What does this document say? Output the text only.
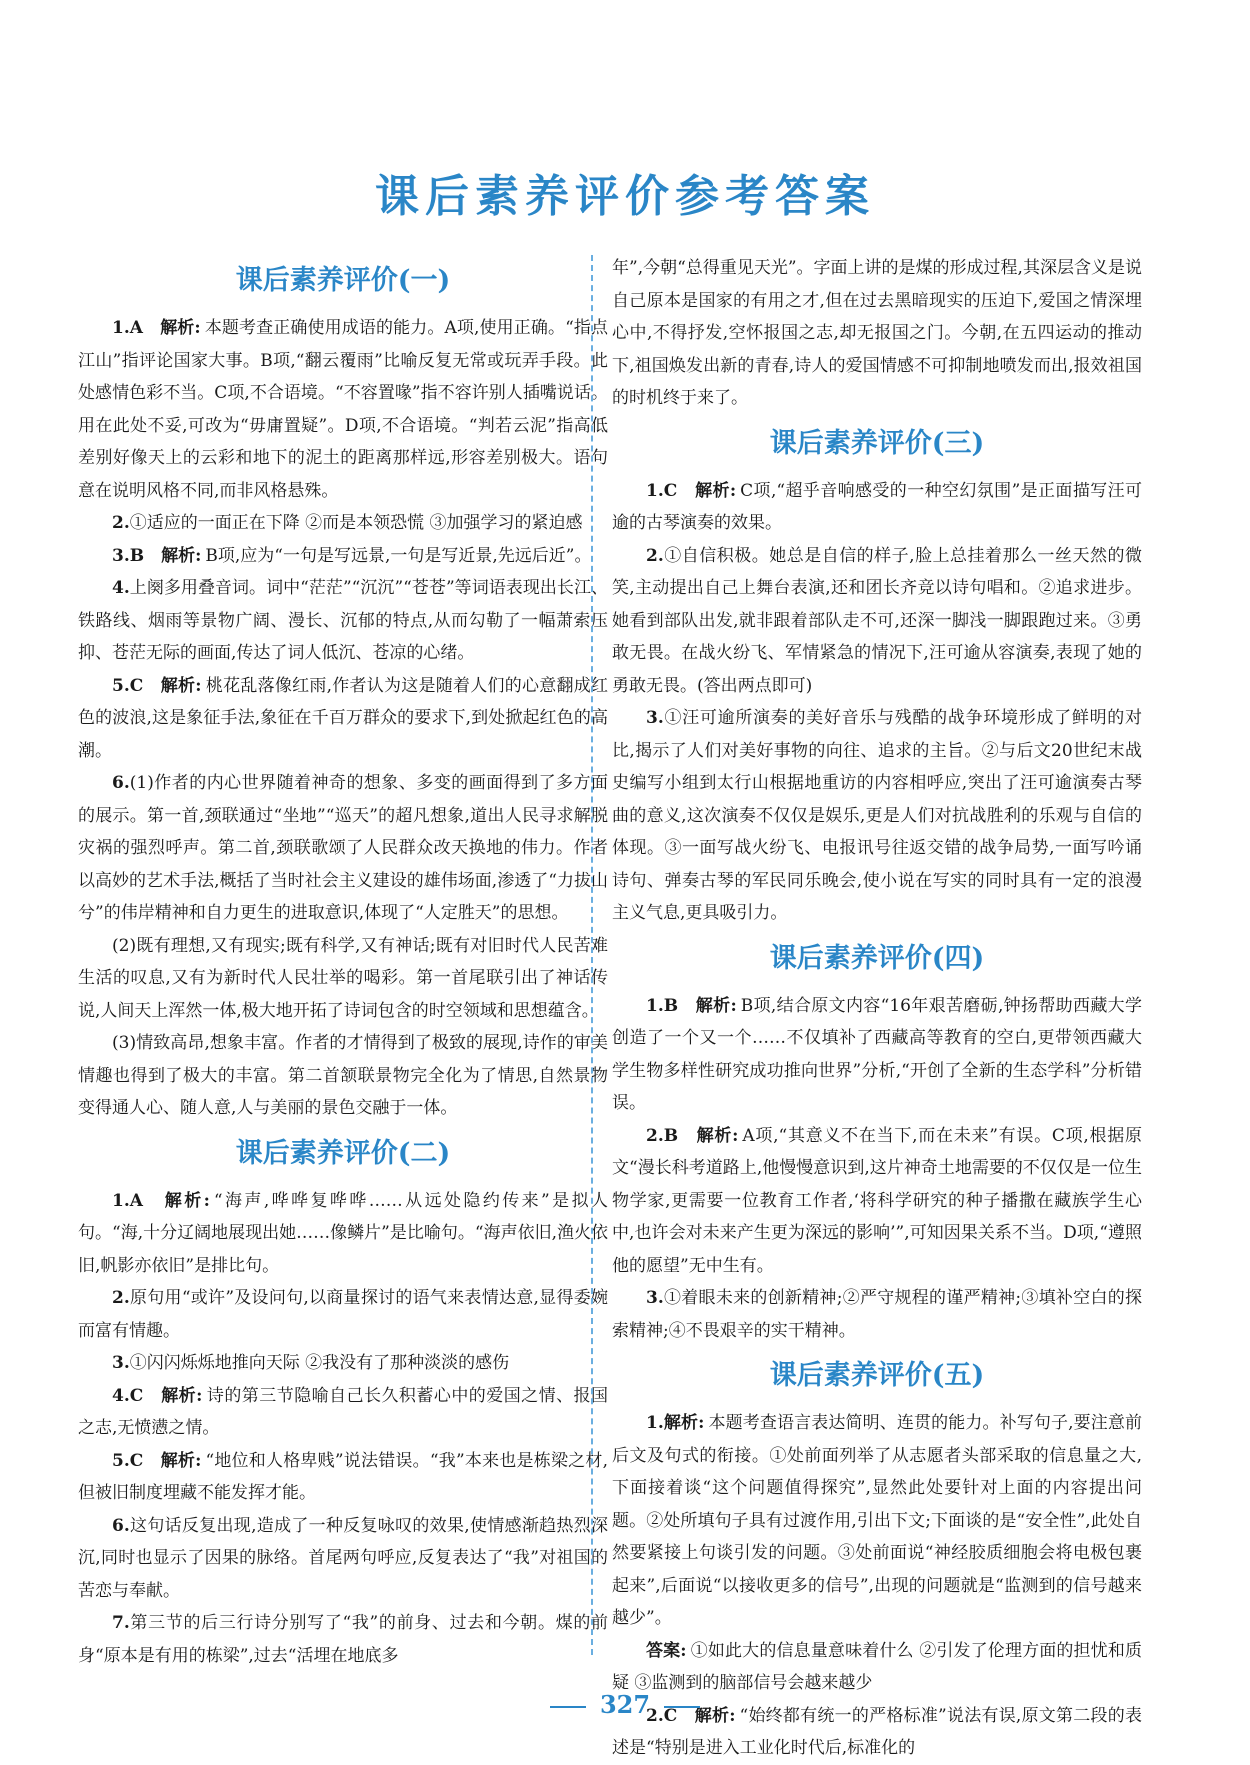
课后素养评价参考答案
课后素养评价(一)

1.A　 解析: 本题考查正确使用成语的能力。A项,使用正确。“指点江山”指评论国家大事。B项,“翻云覆雨”比喻反复无常或玩弄手段。此处感情色彩不当。C项,不合语境。“不容置喙”指不容许别人插嘴说话。用在此处不妥,可改为“毋庸置疑”。D项,不合语境。“判若云泥”指高低差别好像天上的云彩和地下的泥土的距离那样远,形容差别极大。语句意在说明风格不同,而非风格悬殊。

2.①适应的一面正在下降 ②而是本领恐慌 ③加强学习的紧迫感

3.B　 解析: B项,应为“一句是写远景,一句是写近景,先远后近”。

4.上阕多用叠音词。词中“茫茫”“沉沉”“苍苍”等词语表现出长江、铁路线、烟雨等景物广阔、漫长、沉郁的特点,从而勾勒了一幅萧索压抑、苍茫无际的画面,传达了词人低沉、苍凉的心绪。

5.C　 解析: 桃花乱落像红雨,作者认为这是随着人们的心意翻成红色的波浪,这是象征手法,象征在千百万群众的要求下,到处掀起红色的高潮。

6.(1)作者的内心世界随着神奇的想象、多变的画面得到了多方面的展示。第一首,颈联通过“坐地”“巡天”的超凡想象,道出人民寻求解脱灾祸的强烈呼声。第二首,颈联歌颂了人民群众改天换地的伟力。作者以高妙的艺术手法,概括了当时社会主义建设的雄伟场面,渗透了“力拔山兮”的伟岸精神和自力更生的进取意识,体现了“人定胜天”的思想。

(2)既有理想,又有现实;既有科学,又有神话;既有对旧时代人民苦难生活的叹息,又有为新时代人民壮举的喝彩。第一首尾联引出了神话传说,人间天上浑然一体,极大地开拓了诗词包含的时空领域和思想蕴含。

(3)情致高昂,想象丰富。作者的才情得到了极致的展现,诗作的审美情趣也得到了极大的丰富。第二首颔联景物完全化为了情思,自然景物变得通人心、随人意,人与美丽的景色交融于一体。

课后素养评价(二)

1.A　 解析: “海声,哗哗复哗哗……从远处隐约传来”是拟人句。“海,十分辽阔地展现出她……像鳞片”是比喻句。“海声依旧,渔火依旧,帆影亦依旧”是排比句。

2.原句用“或许”及设问句,以商量探讨的语气来表情达意,显得委婉而富有情趣。

3.①闪闪烁烁地推向天际 ②我没有了那种淡淡的感伤

4.C　 解析: 诗的第三节隐喻自己长久积蓄心中的爱国之情、报国之志,无愤懑之情。

5.C　 解析: “地位和人格卑贱”说法错误。“我”本来也是栋梁之材,但被旧制度埋藏不能发挥才能。

6.这句话反复出现,造成了一种反复咏叹的效果,使情感渐趋热烈深沉,同时也显示了因果的脉络。首尾两句呼应,反复表达了“我”对祖国的苦恋与奉献。

7.第三节的后三行诗分别写了“我”的前身、过去和今朝。煤的前身“原本是有用的栋梁”,过去“活埋在地底多

年”,今朝“总得重见天光”。字面上讲的是煤的形成过程,其深层含义是说自己原本是国家的有用之才,但在过去黑暗现实的压迫下,爱国之情深埋心中,不得抒发,空怀报国之志,却无报国之门。今朝,在五四运动的推动下,祖国焕发出新的青春,诗人的爱国情感不可抑制地喷发而出,报效祖国的时机终于来了。

课后素养评价(三)

1.C　 解析: C项,“超乎音响感受的一种空幻氛围”是正面描写汪可逾的古琴演奏的效果。

2.①自信积极。她总是自信的样子,脸上总挂着那么一丝天然的微笑,主动提出自己上舞台表演,还和团长齐竞以诗句唱和。②追求进步。她看到部队出发,就非跟着部队走不可,还深一脚浅一脚跟跑过来。③勇敢无畏。在战火纷飞、军情紧急的情况下,汪可逾从容演奏,表现了她的勇敢无畏。(答出两点即可)

3.①汪可逾所演奏的美好音乐与残酷的战争环境形成了鲜明的对比,揭示了人们对美好事物的向往、追求的主旨。②与后文20世纪末战史编写小组到太行山根据地重访的内容相呼应,突出了汪可逾演奏古琴曲的意义,这次演奏不仅仅是娱乐,更是人们对抗战胜利的乐观与自信的体现。③一面写战火纷飞、电报讯号往返交错的战争局势,一面写吟诵诗句、弹奏古琴的军民同乐晚会,使小说在写实的同时具有一定的浪漫主义气息,更具吸引力。

课后素养评价(四)

1.B　 解析: B项,结合原文内容“16年艰苦磨砺,钟扬帮助西藏大学创造了一个又一个……不仅填补了西藏高等教育的空白,更带领西藏大学生物多样性研究成功推向世界”分析,“开创了全新的生态学科”分析错误。

2.B　 解析: A项,“其意义不在当下,而在未来”有误。C项,根据原文“漫长科考道路上,他慢慢意识到,这片神奇土地需要的不仅仅是一位生物学家,更需要一位教育工作者,‘将科学研究的种子播撒在藏族学生心中,也许会对未来产生更为深远的影响’”,可知因果关系不当。D项,“遵照他的愿望”无中生有。

3.①着眼未来的创新精神;②严守规程的谨严精神;③填补空白的探索精神;④不畏艰辛的实干精神。

课后素养评价(五)

1.解析: 本题考查语言表达简明、连贯的能力。补写句子,要注意前后文及句式的衔接。①处前面列举了从志愿者头部采取的信息量之大,下面接着谈“这个问题值得探究”,显然此处要针对上面的内容提出问题。②处所填句子具有过渡作用,引出下文;下面谈的是“安全性”,此处自然要紧接上句谈引发的问题。③处前面说“神经胶质细胞会将电极包裹起来”,后面说“以接收更多的信号”,出现的问题就是“监测到的信号越来越少”。

答案: ①如此大的信息量意味着什么 ②引发了伦理方面的担忧和质疑 ③监测到的脑部信号会越来越少

2.C　 解析: “始终都有统一的严格标准”说法有误,原文第二段的表述是“特别是进入工业化时代后,标准化的

327
